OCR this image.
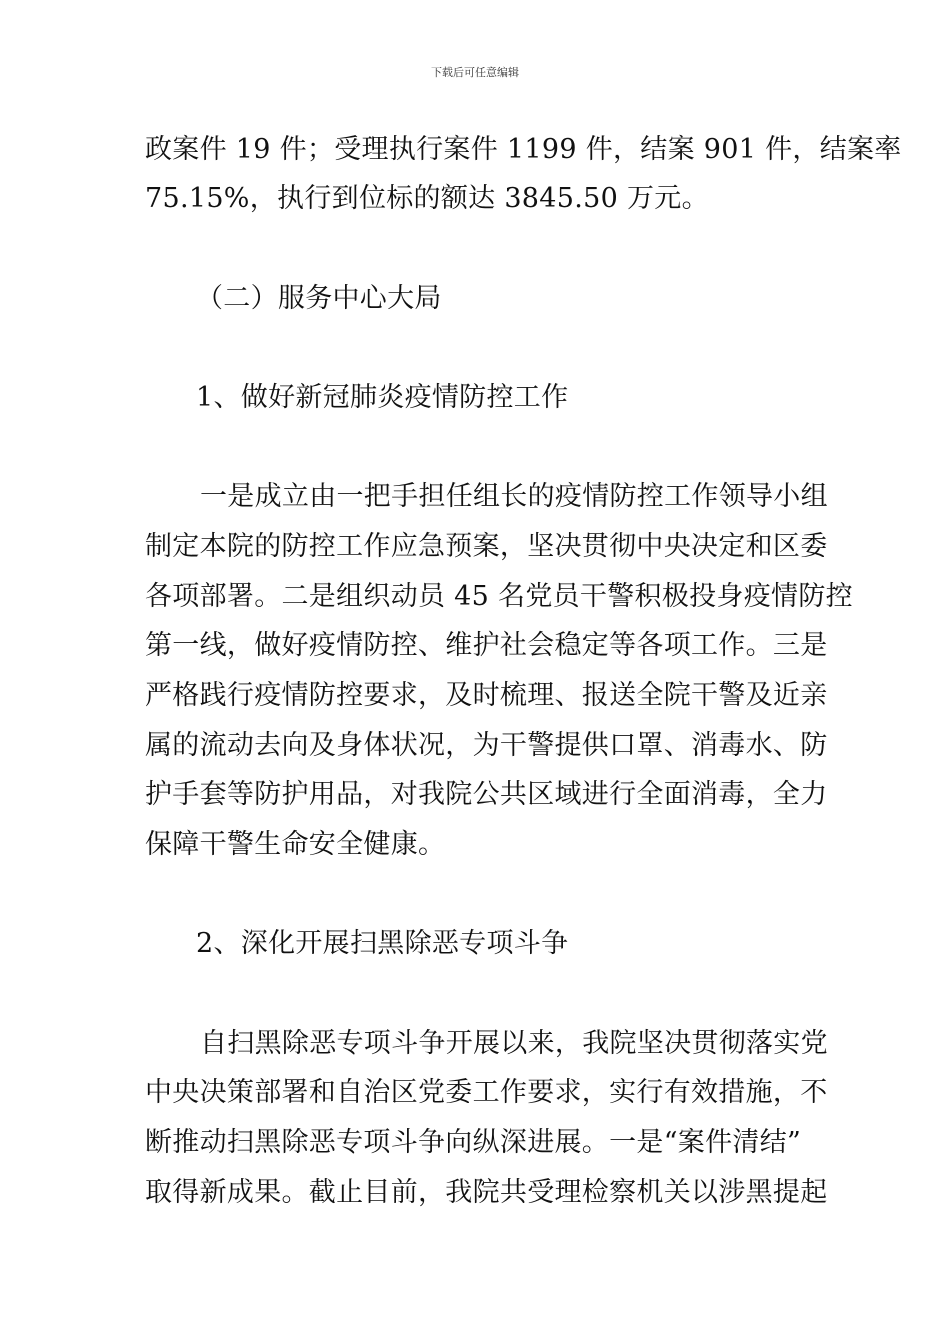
下载后可任意编辑
政案件 19 件；受理执行案件 1199 件，结案 901 件，结案率
75.15%，执行到位标的额达 3845.50 万元。
（二）服务中心大局
1、做好新冠肺炎疫情防控工作
一是成立由一把手担任组长的疫情防控工作领导小组
制定本院的防控工作应急预案，坚决贯彻中央决定和区委
各项部署。二是组织动员 45 名党员干警积极投身疫情防控
第一线，做好疫情防控、维护社会稳定等各项工作。三是
严格践行疫情防控要求，及时梳理、报送全院干警及近亲
属的流动去向及身体状况，为干警提供口罩、消毒水、防
护手套等防护用品，对我院公共区域进行全面消毒，全力
保障干警生命安全健康。
2、深化开展扫黑除恶专项斗争
自扫黑除恶专项斗争开展以来，我院坚决贯彻落实党
中央决策部署和自治区党委工作要求，实行有效措施，不
断推动扫黑除恶专项斗争向纵深进展。一是“案件清结”
取得新成果。截止目前，我院共受理检察机关以涉黑提起
